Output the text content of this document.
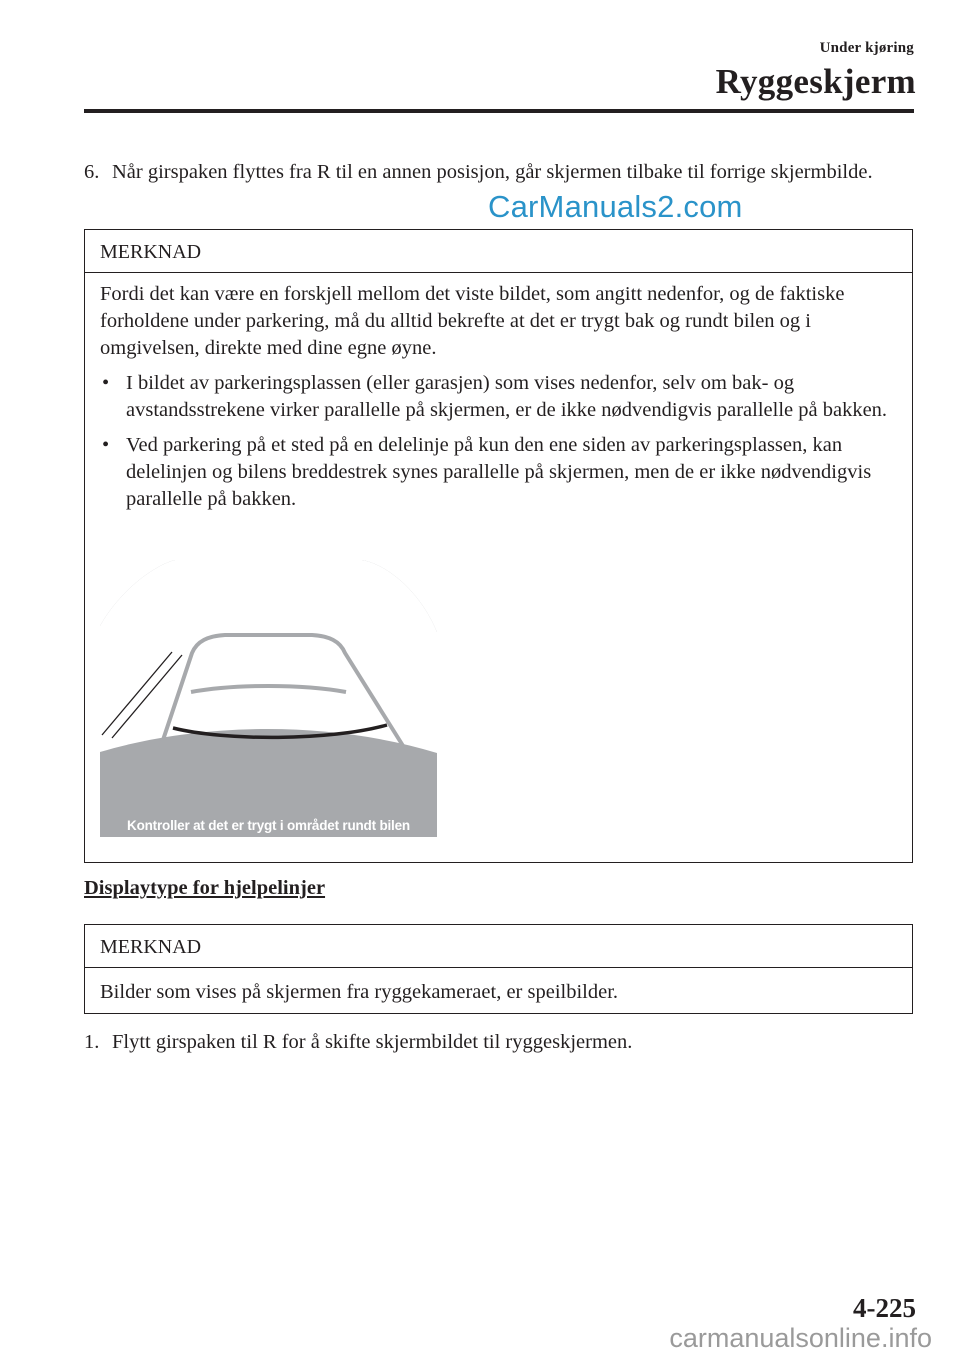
Under kjøring
Ryggeskjerm
6. Når girspaken flyttes fra R til en annen posisjon, går skjermen tilbake til forrige skjermbilde.
CarManuals2.com
MERKNAD

Fordi det kan være en forskjell mellom det viste bildet, som angitt nedenfor, og de faktiske forholdene under parkering, må du alltid bekrefte at det er trygt bak og rundt bilen og i omgivelsen, direkte med dine egne øyne.

• I bildet av parkeringsplassen (eller garasjen) som vises nedenfor, selv om bak- og avstandsstrekene virker parallelle på skjermen, er de ikke nødvendigvis parallelle på bakken.
• Ved parkering på et sted på en delelinje på kun den ene siden av parkeringsplassen, kan delelinjen og bilens breddestrek synes parallelle på skjermen, men de er ikke nødvendigvis parallelle på bakken.
Kontroller at det er trygt i området rundt bilen
Displaytype for hjelpelinjer
MERKNAD

Bilder som vises på skjermen fra ryggekameraet, er speilbilder.

1. Flytt girspaken til R for å skifte skjermbildet til ryggeskjermen.
4-225
carmanualsonline.info
